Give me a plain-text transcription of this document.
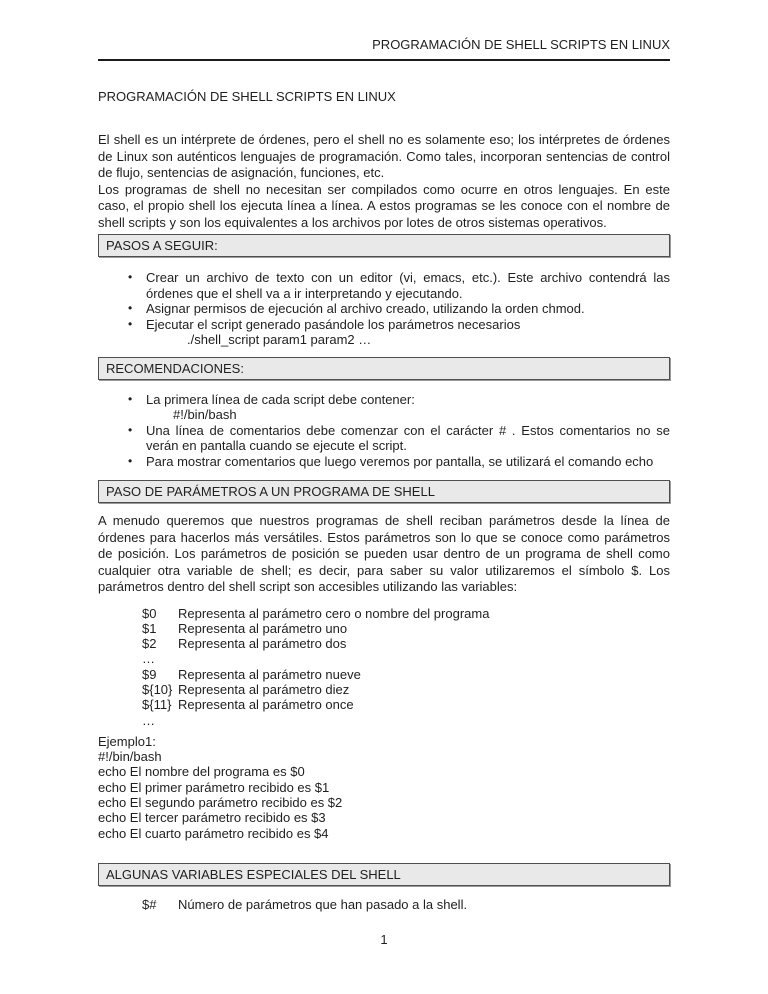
PROGRAMACIÓN DE SHELL SCRIPTS EN LINUX
PROGRAMACIÓN DE SHELL SCRIPTS EN LINUX

El shell es un intérprete de órdenes, pero el shell no es solamente eso; los intérpretes de órdenes de Linux son auténticos lenguajes de programación. Como tales, incorporan sentencias de control de flujo, sentencias de asignación, funciones, etc.

Los programas de shell no necesitan ser compilados como ocurre en otros lenguajes. En este caso, el propio shell los ejecuta línea a línea. A estos programas se les conoce con el nombre de shell scripts y son los equivalentes a los archivos por lotes de otros sistemas operativos.

PASOS A SEGUIR:
•	Crear un archivo de texto con un editor (vi, emacs, etc.). Este archivo contendrá las órdenes que el shell va a ir interpretando y ejecutando.
•	Asignar permisos de ejecución al archivo creado, utilizando la orden chmod.
•	Ejecutar el script generado pasándole los parámetros necesarios
./shell_script param1 param2 …
RECOMENDACIONES:
•	La primera línea de cada script debe contener:
#!/bin/bash
•	Una línea de comentarios debe comenzar con el carácter # . Estos comentarios no se verán en pantalla cuando se ejecute el script.
•	Para mostrar comentarios que luego veremos por pantalla, se utilizará el comando echo
PASO DE PARÁMETROS A UN PROGRAMA DE SHELL

A menudo queremos que nuestros programas de shell reciban parámetros desde la línea de órdenes para hacerlos más versátiles. Estos parámetros son lo que se conoce como parámetros de posición. Los parámetros de posición se pueden usar dentro de un programa de shell como cualquier otra variable de shell; es decir, para saber su valor utilizaremos el símbolo $. Los parámetros dentro del shell script son accesibles utilizando las variables:

$0	Representa al parámetro cero o nombre del programa
$1	Representa al parámetro uno
$2	Representa al parámetro dos
…
$9	Representa al parámetro nueve
${10} Representa al parámetro diez
${11} Representa al parámetro once
…
Ejemplo1:
#!/bin/bash
echo El nombre del programa es $0
echo El primer parámetro recibido es $1
echo El segundo parámetro recibido es $2
echo El tercer parámetro recibido es $3
echo El cuarto parámetro recibido es $4
ALGUNAS VARIABLES ESPECIALES DEL SHELL
$#	Número de parámetros que han pasado a la shell.
1
